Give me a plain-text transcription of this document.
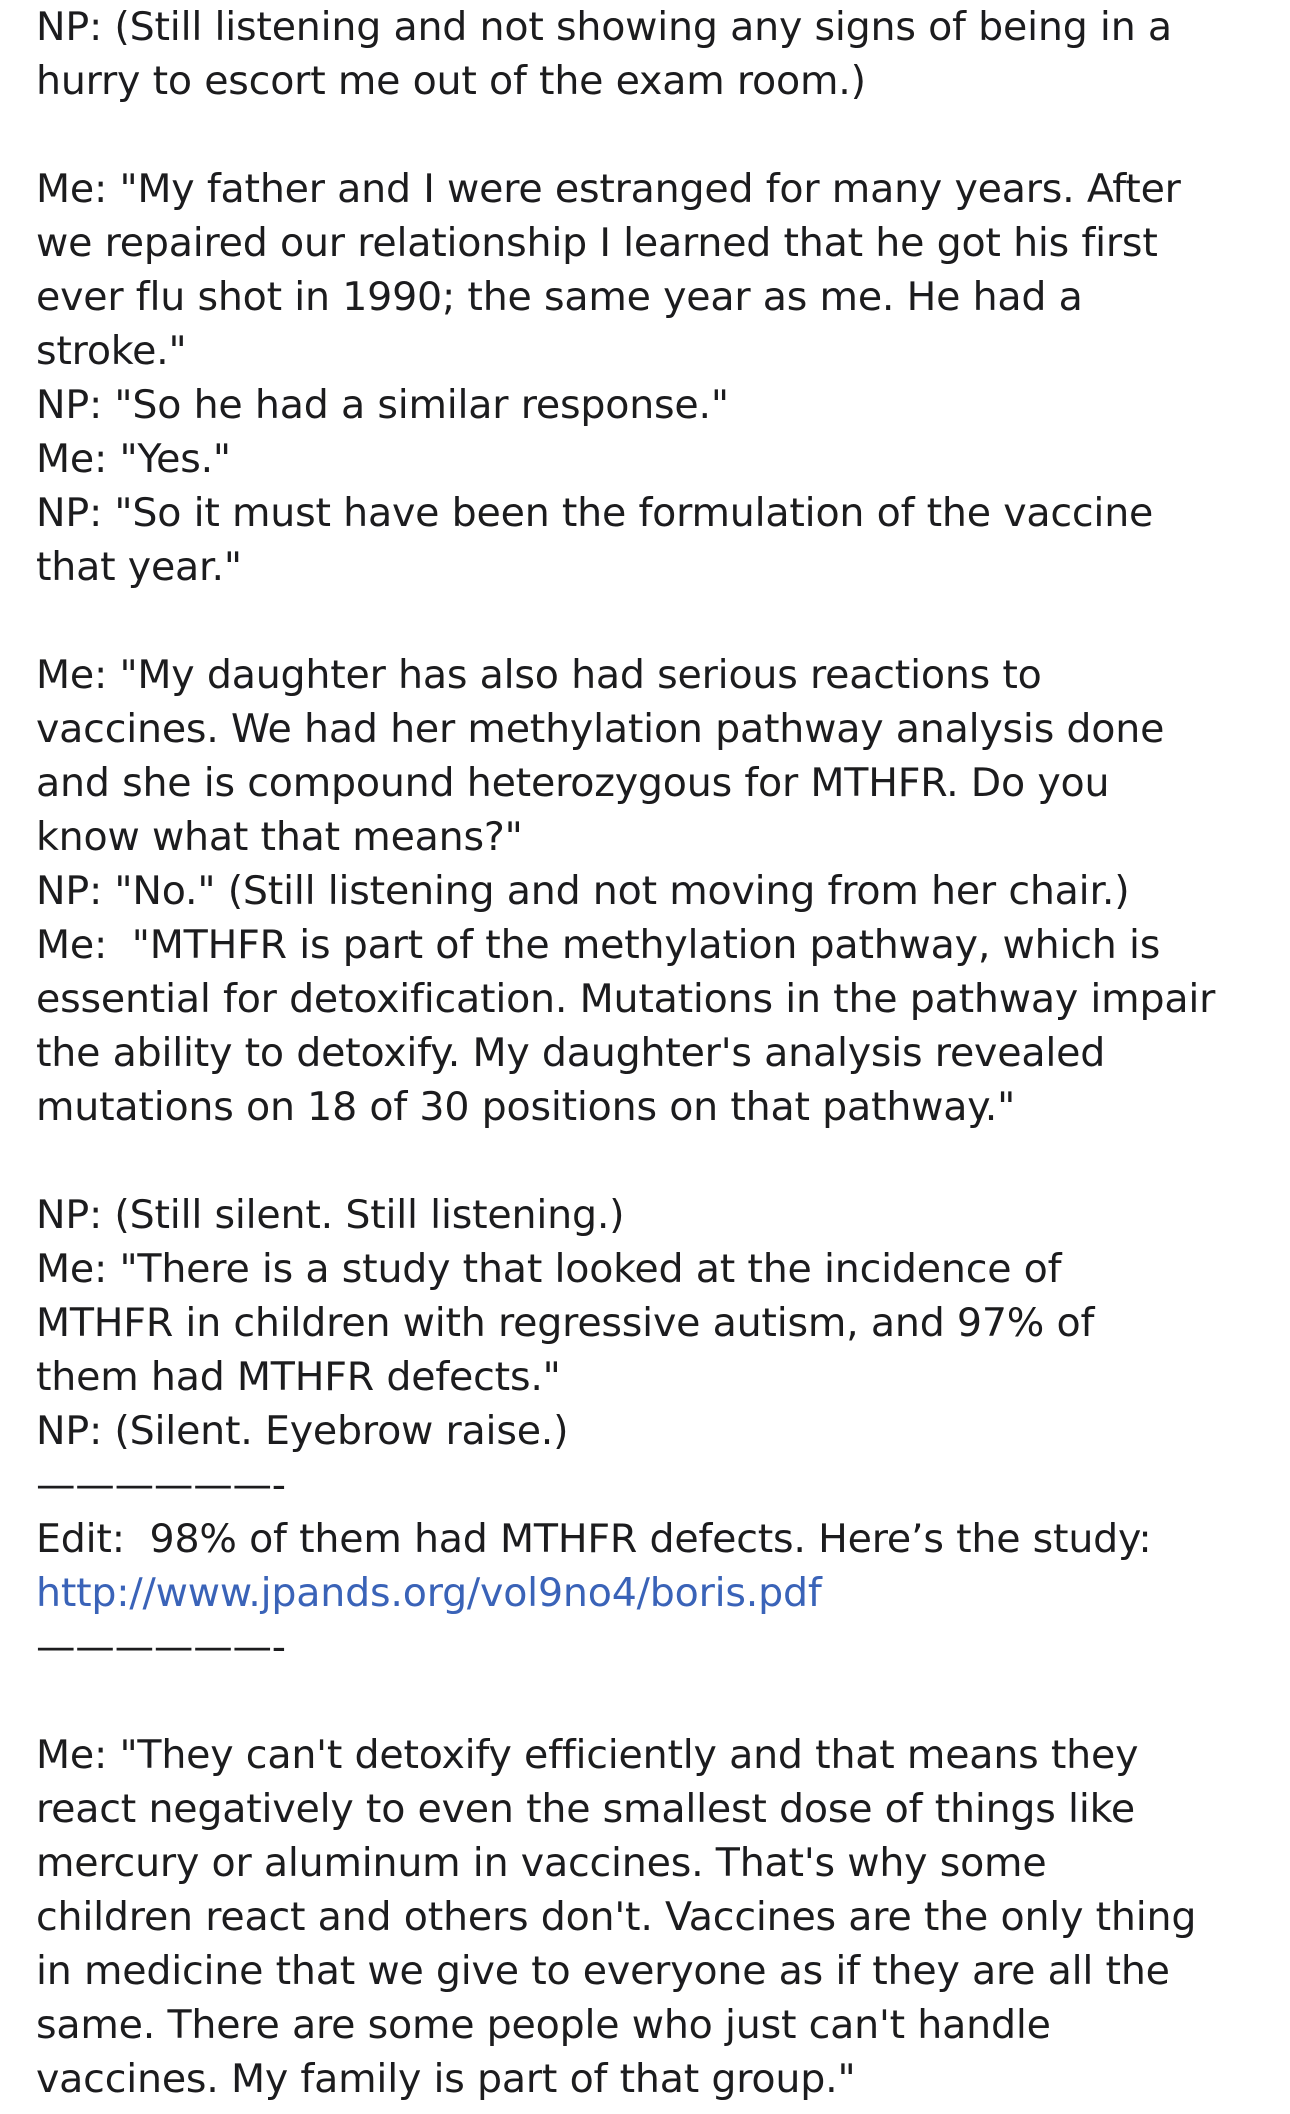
NP: (Still listening and not showing any signs of being in a
hurry to escort me out of the exam room.)
Me: "My father and I were estranged for many years. After
we repaired our relationship I learned that he got his first
ever flu shot in 1990; the same year as me. He had a
stroke."
NP: "So he had a similar response."
Me: "Yes."
NP: "So it must have been the formulation of the vaccine
that year."
Me: "My daughter has also had serious reactions to
vaccines. We had her methylation pathway analysis done
and she is compound heterozygous for MTHFR. Do you
know what that means?"
NP: "No." (Still listening and not moving from her chair.)
Me:  "MTHFR is part of the methylation pathway, which is
essential for detoxification. Mutations in the pathway impair
the ability to detoxify. My daughter's analysis revealed
mutations on 18 of 30 positions on that pathway."
NP: (Still silent. Still listening.)
Me: "There is a study that looked at the incidence of
MTHFR in children with regressive autism, and 97% of
them had MTHFR defects."
NP: (Silent. Eyebrow raise.)
——————-
Edit:  98% of them had MTHFR defects. Here’s the study:
http://www.jpands.org/vol9no4/boris.pdf
——————-
Me: "They can't detoxify efficiently and that means they
react negatively to even the smallest dose of things like
mercury or aluminum in vaccines. That's why some
children react and others don't. Vaccines are the only thing
in medicine that we give to everyone as if they are all the
same. There are some people who just can't handle
vaccines. My family is part of that group."
